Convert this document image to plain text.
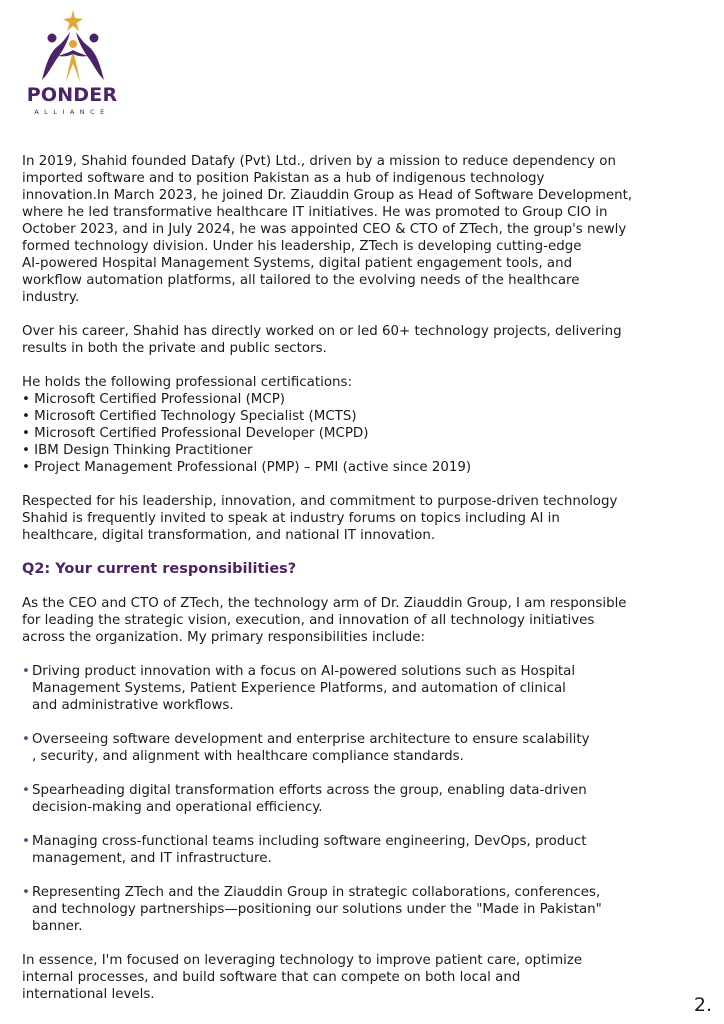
PONDER
ALLIANCE

In 2019, Shahid founded Datafy (Pvt) Ltd., driven by a mission to reduce dependency on
imported software and to position Pakistan as a hub of indigenous technology
innovation.In March 2023, he joined Dr. Ziauddin Group as Head of Software Development,
where he led transformative healthcare IT initiatives. He was promoted to Group CIO in
October 2023, and in July 2024, he was appointed CEO & CTO of ZTech, the group's newly
formed technology division. Under his leadership, ZTech is developing cutting-edge
AI-powered Hospital Management Systems, digital patient engagement tools, and
workflow automation platforms, all tailored to the evolving needs of the healthcare
industry.

Over his career, Shahid has directly worked on or led 60+ technology projects, delivering
results in both the private and public sectors.

He holds the following professional certifications:
• Microsoft Certified Professional (MCP)
• Microsoft Certified Technology Specialist (MCTS)
• Microsoft Certified Professional Developer (MCPD)
• IBM Design Thinking Practitioner
• Project Management Professional (PMP) – PMI (active since 2019)

Respected for his leadership, innovation, and commitment to purpose-driven technology
Shahid is frequently invited to speak at industry forums on topics including AI in
healthcare, digital transformation, and national IT innovation.

Q2: Your current responsibilities?

As the CEO and CTO of ZTech, the technology arm of Dr. Ziauddin Group, I am responsible
for leading the strategic vision, execution, and innovation of all technology initiatives
across the organization. My primary responsibilities include:

• Driving product innovation with a focus on AI-powered solutions such as Hospital
Management Systems, Patient Experience Platforms, and automation of clinical
and administrative workflows.
• Overseeing software development and enterprise architecture to ensure scalability
, security, and alignment with healthcare compliance standards.
• Spearheading digital transformation efforts across the group, enabling data-driven
decision-making and operational efficiency.
• Managing cross-functional teams including software engineering, DevOps, product
management, and IT infrastructure.
• Representing ZTech and the Ziauddin Group in strategic collaborations, conferences,
and technology partnerships—positioning our solutions under the "Made in Pakistan"
banner.

In essence, I'm focused on leveraging technology to improve patient care, optimize
internal processes, and build software that can compete on both local and
international levels.	2.
